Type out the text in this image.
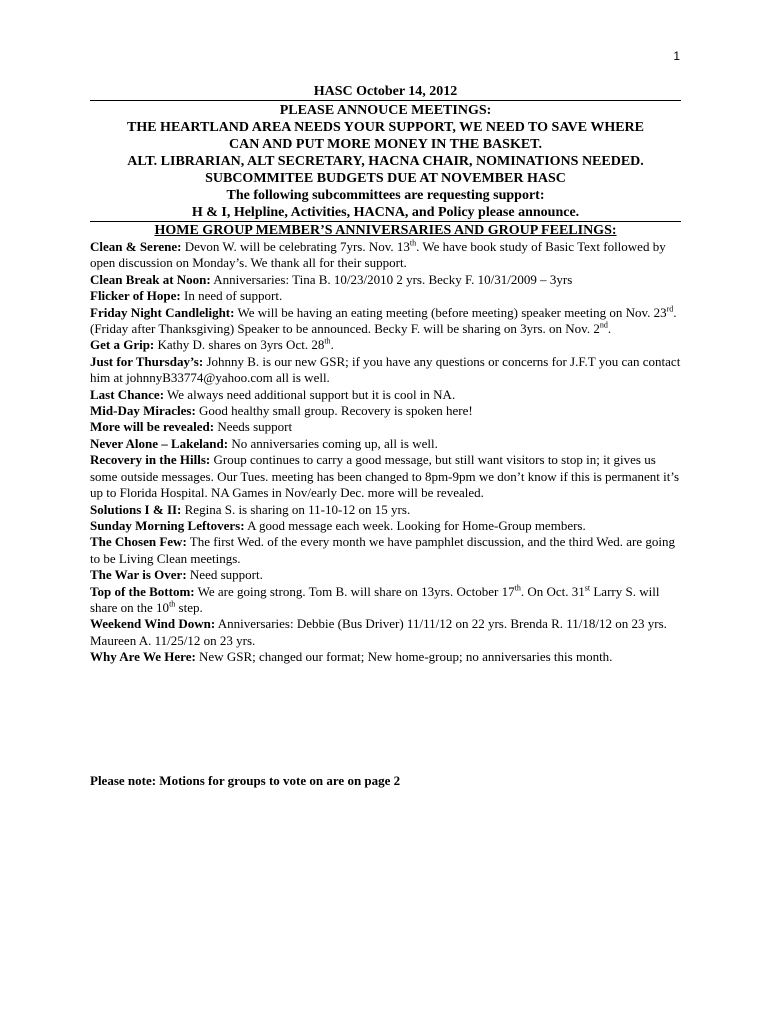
1
HASC October 14, 2012
PLEASE ANNOUCE MEETINGS:
THE HEARTLAND AREA NEEDS YOUR SUPPORT, WE NEED TO SAVE WHERE
CAN AND PUT MORE MONEY IN THE BASKET.
ALT. LIBRARIAN, ALT SECRETARY, HACNA CHAIR, NOMINATIONS NEEDED.
SUBCOMMITEE BUDGETS DUE AT NOVEMBER HASC
The following subcommittees are requesting support:
H & I, Helpline, Activities, HACNA, and Policy please announce.
HOME GROUP MEMBER’S ANNIVERSARIES AND GROUP FEELINGS:
Clean & Serene: Devon W. will be celebrating 7yrs. Nov. 13th. We have book study of Basic Text followed by open discussion on Monday’s. We thank all for their support.
Clean Break at Noon: Anniversaries: Tina B. 10/23/2010 2 yrs. Becky F. 10/31/2009 – 3yrs
Flicker of Hope: In need of support.
Friday Night Candlelight: We will be having an eating meeting (before meeting) speaker meeting on Nov. 23rd. (Friday after Thanksgiving) Speaker to be announced. Becky F. will be sharing on 3yrs. on Nov. 2nd.
Get a Grip: Kathy D. shares on 3yrs Oct. 28th.
Just for Thursday’s: Johnny B. is our new GSR; if you have any questions or concerns for J.F.T you can contact him at johnnyB33774@yahoo.com all is well.
Last Chance: We always need additional support but it is cool in NA.
Mid-Day Miracles: Good healthy small group. Recovery is spoken here!
More will be revealed: Needs support
Never Alone – Lakeland: No anniversaries coming up, all is well.
Recovery in the Hills: Group continues to carry a good message, but still want visitors to stop in; it gives us some outside messages. Our Tues. meeting has been changed to 8pm-9pm we don’t know if this is permanent it’s up to Florida Hospital. NA Games in Nov/early Dec. more will be revealed.
Solutions I & II: Regina S. is sharing on 11-10-12 on 15 yrs.
Sunday Morning Leftovers: A good message each week. Looking for Home-Group members.
The Chosen Few: The first Wed. of the every month we have pamphlet discussion, and the third Wed. are going to be Living Clean meetings.
The War is Over: Need support.
Top of the Bottom: We are going strong. Tom B. will share on 13yrs. October 17th. On Oct. 31st Larry S. will share on the 10th step.
Weekend Wind Down: Anniversaries: Debbie (Bus Driver) 11/11/12 on 22 yrs. Brenda R. 11/18/12 on 23 yrs. Maureen A. 11/25/12 on 23 yrs.
Why Are We Here: New GSR; changed our format; New home-group; no anniversaries this month.
Please note: Motions for groups to vote on are on page 2
